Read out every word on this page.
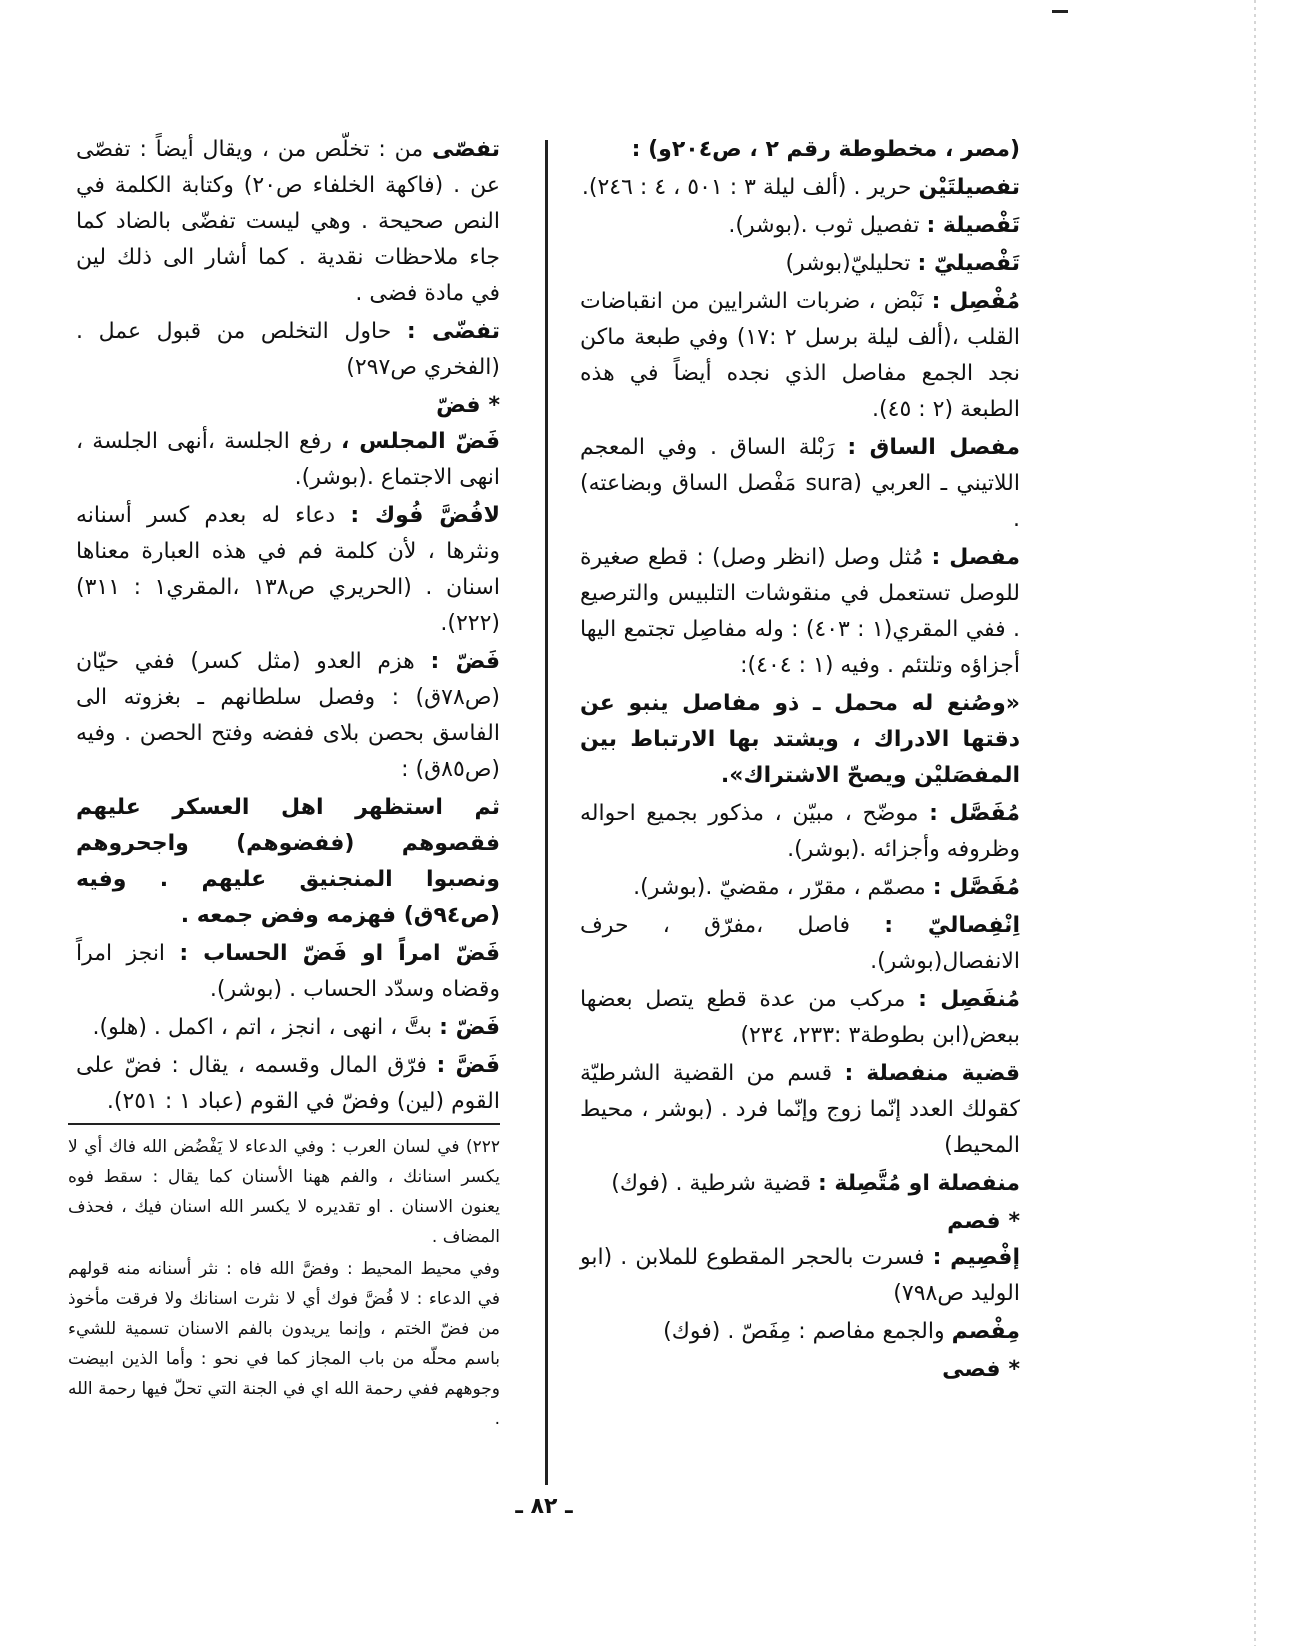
(مصر ، مخطوطة رقم ٢ ، ص٢٠٤و) :

تفصيلتَيْن حرير . (ألف ليلة ٣ : ٥٠١ ، ٤ : ٢٤٦).

تَفْصيلة : تفصيل ثوب .(بوشر).

تَفْصيليّ : تحليليّ(بوشر)

مُفْصِل : نَبْض ، ضربات الشرايين من انقباضات القلب ،(ألف ليلة برسل ٢ :١٧) وفي طبعة ماكن نجد الجمع مفاصل الذي نجده أيضاً في هذه الطبعة (٢ : ٤٥).

مفصل الساق : رَبْلة الساق . وفي المعجم اللاتيني ـ العربي (sura مَفْصل الساق وبضاعته) .

مفصل : مُثل وصل (انظر وصل) : قطع صغيرة للوصل تستعمل في منقوشات التلبيس والترصيع . ففي المقري(١ : ٤٠٣) : وله مفاصِل تجتمع اليها أجزاؤه وتلتئم . وفيه (١ : ٤٠٤):

«وصُنع له محمل ـ ذو مفاصل ينبو عن دقتها الادراك ، ويشتد بها الارتباط بين المفصَليْن ويصحّ الاشتراك».

مُفَصَّل : موضّح ، مبيّن ، مذكور بجميع احواله وظروفه وأجزائه .(بوشر).

مُفَصَّل : مصمّم ، مقرّر ، مقضيّ .(بوشر).

اِنْفِصاليّ : فاصل ،مفرّق ، حرف الانفصال(بوشر).

مُنفَصِل : مركب من عدة قطع يتصل بعضها ببعض(ابن بطوطة٣ :٢٣٣، ٢٣٤)

قضية منفصلة : قسم من القضية الشرطيّة كقولك العدد إنّما زوج وإنّما فرد . (بوشر ، محيط المحيط)

منفصلة او مُتَّصِلة : قضية شرطية . (فوك)

*فصم

إفْصِيم : فسرت بالحجر المقطوع للملابن . (ابو الوليد ص٧٩٨)

مِفْصم والجمع مفاصم : مِفَصّ . (فوك)

*فصى

تفصّى من : تخلّص من ، ويقال أيضاً : تفصّى عن . (فاكهة الخلفاء ص٢٠) وكتابة الكلمة في النص صحيحة . وهي ليست تفضّى بالضاد كما جاء ملاحظات نقدية . كما أشار الى ذلك لين في مادة فضى .

تفضّى : حاول التخلص من قبول عمل . (الفخري ص٢٩٧)

*فضّ

فَضّ المجلس ، رفع الجلسة ،أنهى الجلسة ، انهى الاجتماع .(بوشر).

لافُضَّ فُوك : دعاء له بعدم كسر أسنانه ونثرها ، لأن كلمة فم في هذه العبارة معناها اسنان . (الحريري ص١٣٨ ،المقري١ : ٣١١)(٢٢٢).

فَضّ : هزم العدو (مثل كسر) ففي حيّان (ص٧٨ق) : وفصل سلطانهم ـ بغزوته الى الفاسق بحصن بلاى ففضه وفتح الحصن . وفيه (ص٨٥ق) :

ثم استظهر اهل العسكر عليهم فقصوهم (ففضوهم) واجحروهم ونصبوا المنجنيق عليهم . وفيه (ص٩٤ق) فهزمه وفض جمعه .

فَضّ امراً او فَضّ الحساب : انجز امراً وقضاه وسدّد الحساب . (بوشر).

فَضّ : بتَّ ، انهى ، انجز ، اتم ، اكمل . (هلو).

فَضَّ : فرّق المال وقسمه ، يقال : فضّ على القوم (لين) وفضّ في القوم (عباد ١ : ٢٥١).

٢٢٢) في لسان العرب : وفي الدعاء لا يَفْضُض الله فاك أي لا يكسر اسنانك ، والفم ههنا الأسنان كما يقال : سقط فوه يعنون الاسنان . او تقديره لا يكسر الله اسنان فيك ، فحذف المضاف .

وفي محيط المحيط : وفضَّ الله فاه : نثر أسنانه منه قولهم في الدعاء : لا فُضَّ فوك أي لا نثرت اسنانك ولا فرقت مأخوذ من فضّ الختم ، وإنما يريدون بالفم الاسنان تسمية للشيء باسم محلّه من باب المجاز كما في نحو : وأما الذين ابيضت وجوههم ففي رحمة الله اي في الجنة التي تحلّ فيها رحمة الله .

ـ ٨٢ ـ
